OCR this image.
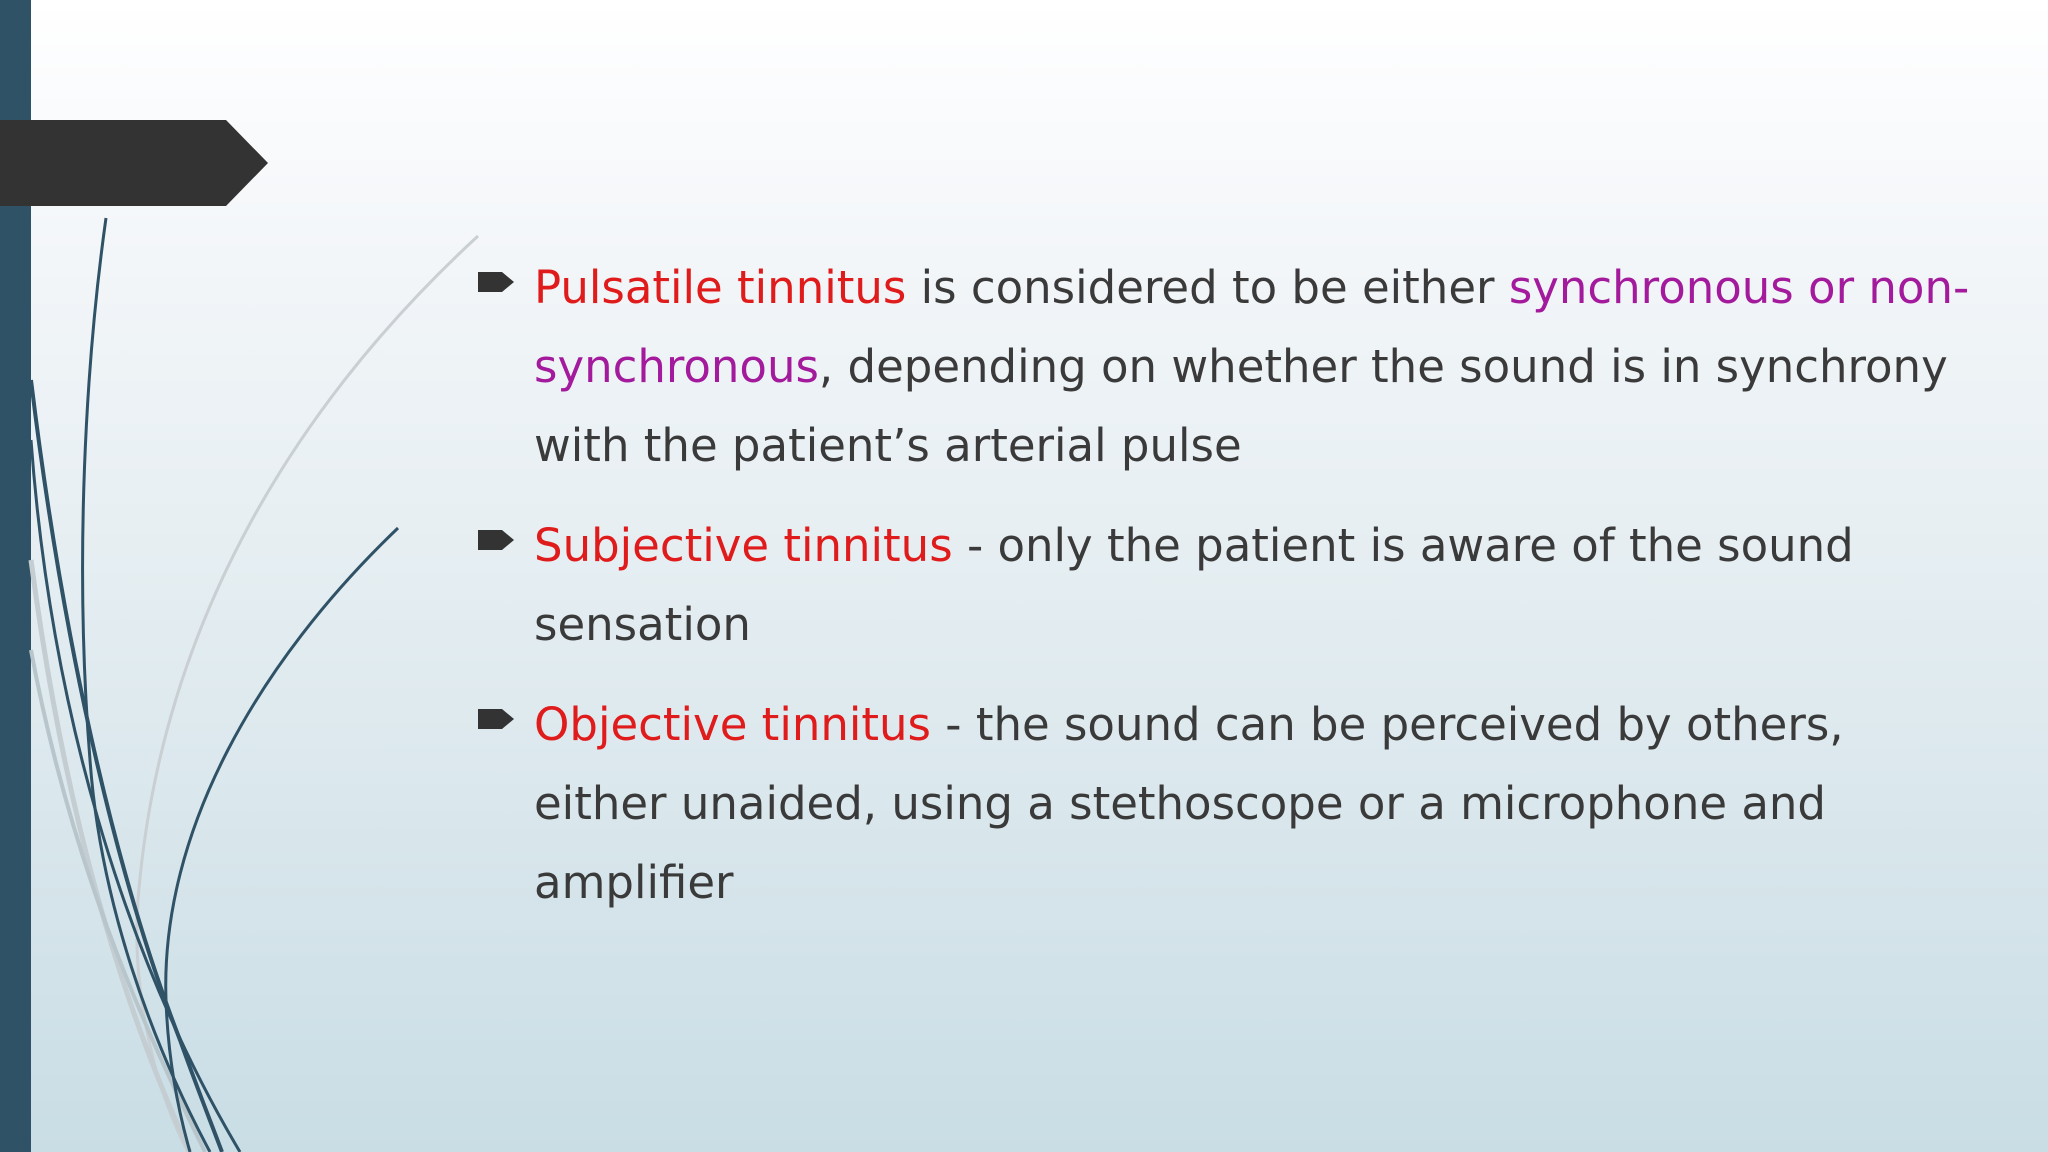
Pulsatile tinnitus is considered to be either synchronous or non-synchronous, depending on whether the sound is in synchrony with the patient’s arterial pulse
Subjective tinnitus - only the patient is aware of the sound sensation
Objective tinnitus - the sound can be perceived by others, either unaided, using a stethoscope or a microphone and amplifier
